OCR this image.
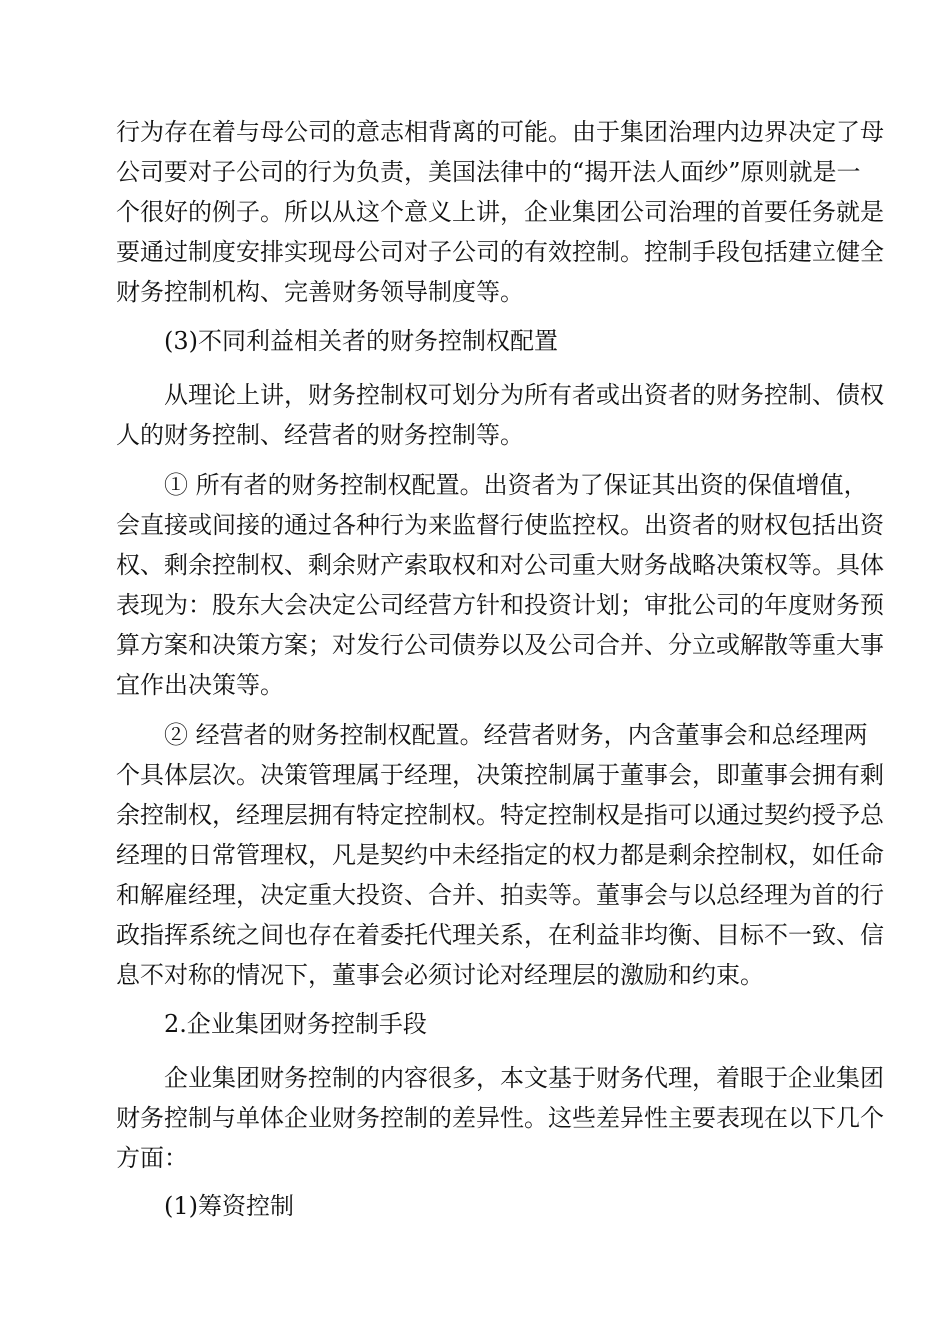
行为存在着与母公司的意志相背离的可能。由于集团治理内边界决定了母
公司要对子公司的行为负责，美国法律中的“揭开法人面纱”原则就是一
个很好的例子。所以从这个意义上讲，企业集团公司治理的首要任务就是
要通过制度安排实现母公司对子公司的有效控制。控制手段包括建立健全
财务控制机构、完善财务领导制度等。
(3)不同利益相关者的财务控制权配置
从理论上讲，财务控制权可划分为所有者或出资者的财务控制、债权
人的财务控制、经营者的财务控制等。
① 所有者的财务控制权配置。出资者为了保证其出资的保值增值，
会直接或间接的通过各种行为来监督行使监控权。出资者的财权包括出资
权、剩余控制权、剩余财产索取权和对公司重大财务战略决策权等。具体
表现为：股东大会决定公司经营方针和投资计划；审批公司的年度财务预
算方案和决策方案；对发行公司债券以及公司合并、分立或解散等重大事
宜作出决策等。
② 经营者的财务控制权配置。经营者财务，内含董事会和总经理两
个具体层次。决策管理属于经理，决策控制属于董事会，即董事会拥有剩
余控制权，经理层拥有特定控制权。特定控制权是指可以通过契约授予总
经理的日常管理权，凡是契约中未经指定的权力都是剩余控制权，如任命
和解雇经理，决定重大投资、合并、拍卖等。董事会与以总经理为首的行
政指挥系统之间也存在着委托代理关系，在利益非均衡、目标不一致、信
息不对称的情况下，董事会必须讨论对经理层的激励和约束。
2.企业集团财务控制手段
企业集团财务控制的内容很多，本文基于财务代理，着眼于企业集团
财务控制与单体企业财务控制的差异性。这些差异性主要表现在以下几个
方面：
(1)筹资控制
